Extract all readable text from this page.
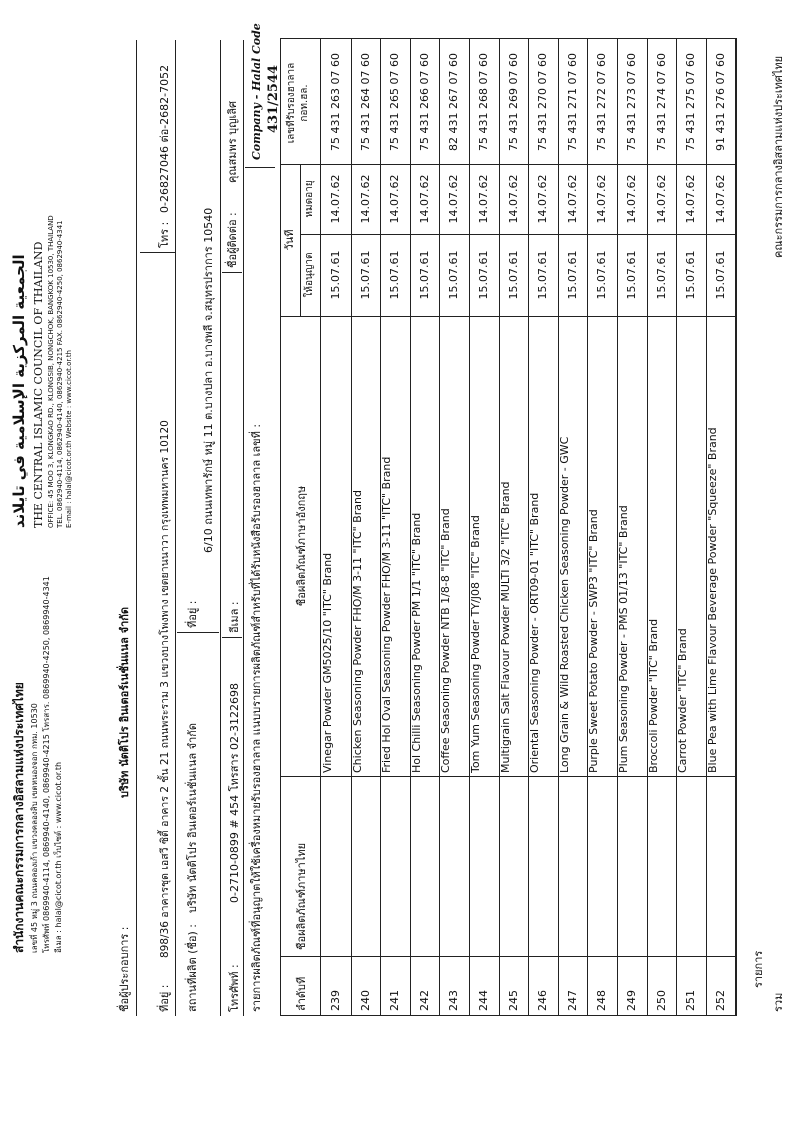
สำนักงานคณะกรรมการกลางอิสลามแห่งประเทศไทย เลขที่ 45 หมู่ 3 ถนนคลองเก้า แขวงคลองสิบ เขตหนองจอก กทม. 10530 โทรศัพท์ 0869940-4114, 0869940-4140, 0869940-4215 โทรสาร. 0869940-4250, 0869940-4341 อีเมล : halal@cicot.or.th เว็บไซต์ : www.cicot.or.th
الجمعية المركزية الإسلامية في تايلاند THE CENTRAL ISLAMIC COUNCIL OF THAILAND OFFICE: 45 MOO 3, KLONGKAO RD., KLONGSIB, NONGCHOK, BANGKOK 10530, THAILAND TEL. 0862940-4114, 0862940-4140, 0862940-4215 FAX. 0862940-4250, 0862940-4341 E-mail : halal@cicot.or.th Website : www.cicot.or.th
ชื่อผู้ประกอบการ :
บริษัท นัตติโปร อินเตอร์เนชั่นแนล จำกัด
ที่อยู่ :
898/36 อาคารชุด เอสวี ซิตี้ อาคาร 2 ชั้น 21 ถนนพระราม 3 แขวงบางโพงพาง เขตยานนาวา กรุงเทพมหานคร 10120
โทร :
0-26827046 ต่อ-2682-7052
สถานที่ผลิต (ชื่อ) :
บริษัท นัตติโปร อินเตอร์เนชั่นแนล จำกัด
ที่อยู่ :
6/10 ถนนเทพารักษ์ หมู่ 11 ต.บางปลา อ.บางพลี จ.สมุทรปราการ 10540
โทรศัพท์ :
0-2710-0899 # 454 โทรสาร 02-3122698
อีเมล :
ชื่อผู้ติดต่อ :
คุณสมพร บุญเลิศ
รายการผลิตภัณฑ์ที่อนุญาตให้ใช้เครื่องหมายรับรองฮาลาล แนบบรายการผลิตภัณฑ์สำหรับที่ได้รับหนังสือรับรองฮาลาล เลขที่ :
Company - Halal Code 431/2544
ลำดับที่
ชื่อผลิตภัณฑ์ภาษาไทย
ชื่อผลิตภัณฑ์ภาษาอังกฤษ
วันที่
ให้อนุญาต
หมดอายุ
เลขที่รับรองฮาลาล กอท.ฮล.
239
Vinegar Powder GM5025/10 "ITC" Brand
15.07.61
14.07.62
75 431 263 07 60
240
Chicken Seasoning Powder FHO/M 3-11 "ITC" Brand
15.07.61
14.07.62
75 431 264 07 60
241
Fried Hol Oval Seasoning Powder FHO/M 3-11 "ITC" Brand
15.07.61
14.07.62
75 431 265 07 60
242
Hol Chilli Seasoning Powder PM 1/1 "ITC" Brand
15.07.61
14.07.62
75 431 266 07 60
243
Coffee Seasoning Powder NTB 1/8-8 "ITC" Brand
15.07.61
14.07.62
82 431 267 07 60
244
Tom Yum Seasoning Powder TY/J08 "ITC" Brand
15.07.61
14.07.62
75 431 268 07 60
245
Multigrain Salt Flavour Powder MULTI 3/2 "ITC" Brand
15.07.61
14.07.62
75 431 269 07 60
246
Oriental Seasoning Powder - ORT09-01 "ITC" Brand
15.07.61
14.07.62
75 431 270 07 60
247
Long Grain & Wild Roasted Chicken Seasoning Powder - GWC
15.07.61
14.07.62
75 431 271 07 60
248
Purple Sweet Potato Powder - SWP3 "ITC" Brand
15.07.61
14.07.62
75 431 272 07 60
249
Plum Seasoning Powder - PMS 01/13 "ITC" Brand
15.07.61
14.07.62
75 431 273 07 60
250
Broccoli Powder "ITC" Brand
15.07.61
14.07.62
75 431 274 07 60
251
Carrot Powder "ITC" Brand
15.07.61
14.07.62
75 431 275 07 60
252
Blue Pea with Lime Flavour Beverage Powder "Squeeze" Brand
15.07.61
14.07.62
91 431 276 07 60
รวม
รายการ
คณะกรรมการกลางอิสลามแห่งประเทศไทย
